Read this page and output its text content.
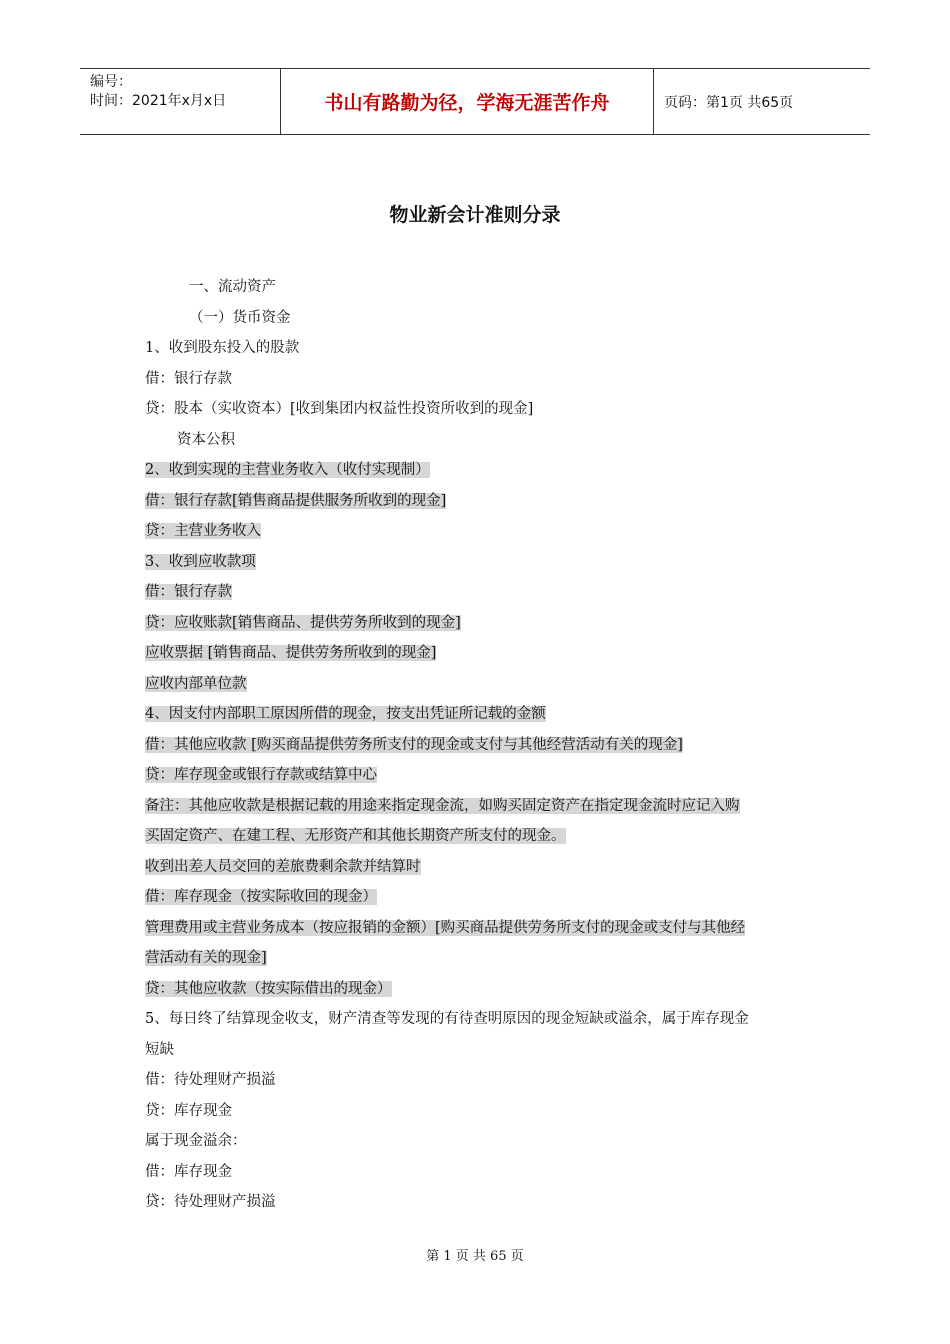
编号：
时间：2021年x月x日	书山有路勤为径，学海无涯苦作舟	页码：第1页 共65页
物业新会计准则分录
一、流动资产
（一）货币资金
1、收到股东投入的股款
借：银行存款
贷：股本（实收资本）[收到集团内权益性投资所收到的现金]
资本公积
2、收到实现的主营业务收入（收付实现制）
借：银行存款[销售商品提供服务所收到的现金]
贷：主营业务收入
3、收到应收款项
借：银行存款
贷：应收账款[销售商品、提供劳务所收到的现金]
应收票据 [销售商品、提供劳务所收到的现金]
应收内部单位款
4、因支付内部职工原因所借的现金，按支出凭证所记载的金额
借：其他应收款 [购买商品提供劳务所支付的现金或支付与其他经营活动有关的现金]
贷：库存现金或银行存款或结算中心
备注：其他应收款是根据记载的用途来指定现金流，如购买固定资产在指定现金流时应记入购
买固定资产、在建工程、无形资产和其他长期资产所支付的现金。
收到出差人员交回的差旅费剩余款并结算时
借：库存现金（按实际收回的现金）
管理费用或主营业务成本（按应报销的金额）[购买商品提供劳务所支付的现金或支付与其他经
营活动有关的现金]
贷：其他应收款（按实际借出的现金）
5、每日终了结算现金收支，财产清查等发现的有待查明原因的现金短缺或溢余，属于库存现金
短缺
借：待处理财产损溢
贷：库存现金
属于现金溢余：
借：库存现金
贷：待处理财产损溢
第 1 页 共 65 页
